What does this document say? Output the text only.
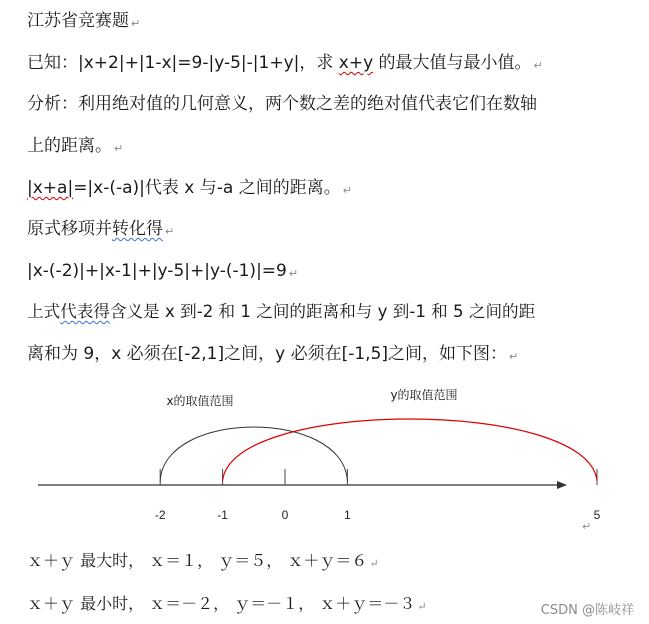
江苏省竞赛题 ↵
已知：|x+2|+|1-x|=9-|y-5|-|1+y|，求 x+y 的最大值与最小值。 ↵
分析：利用绝对值的几何意义，两个数之差的绝对值代表它们在数轴
上的距离。 ↵
|x+a|=|x-(-a)|代表 x 与-a 之间的距离。 ↵
原式移项并转化得 ↵
|x-(-2)|+|x-1|+|y-5|+|y-(-1)|=9 ↵
上式代表得含义是 x 到-2 和 1 之间的距离和与 y 到-1 和 5 之间的距
离和为 9，x 必须在[-2,1]之间，y 必须在[-1,5]之间，如下图： ↵
-2	-1	0	1	5
x的取值范围	y的取值范围
↵
ｘ＋ｙ 最大时， ｘ＝１， ｙ＝５， ｘ＋ｙ＝６ ↵
ｘ＋ｙ 最小时， ｘ＝－２， ｙ＝－１， ｘ＋ｙ＝－３ ↵	CSDN @陈岐祥
